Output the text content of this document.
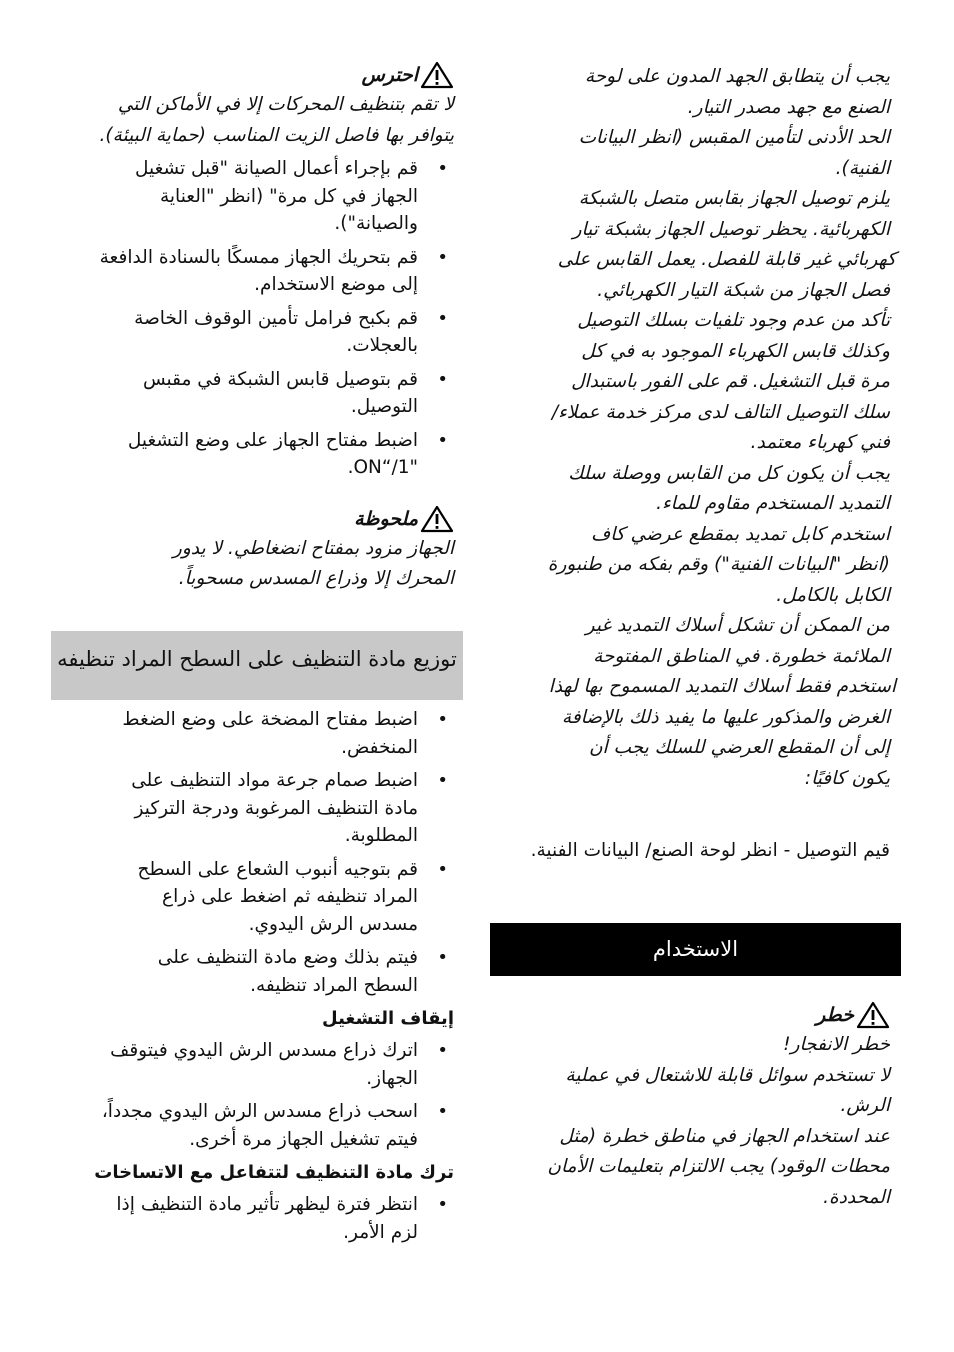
يجب أن يتطابق الجهد المدون على لوحة

الصنع مع جهد مصدر التيار.

الحد الأدنى لتأمين المقبس (انظر البيانات

الفنية).

يلزم توصيل الجهاز بقابس متصل بالشبكة

الكهربائية. يحظر توصيل الجهاز بشبكة تيار

كهربائي غير قابلة للفصل. يعمل القابس على

فصل الجهاز من شبكة التيار الكهربائي.

تأكد من عدم وجود تلفيات بسلك التوصيل

وكذلك قابس الكهرباء الموجود به في كل

مرة قبل التشغيل. قم على الفور باستبدال

سلك التوصيل التالف لدى مركز خدمة عملاء/

فني كهرباء معتمد.

يجب أن يكون كل من القابس ووصلة سلك

التمديد المستخدم مقاوم للماء.

استخدم كابل تمديد بمقطع عرضي كاف

(انظر "البيانات الفنية") وقم بفكه من طنبورة

الكابل بالكامل.

من الممكن أن تشكل أسلاك التمديد غير

الملائمة خطورة. في المناطق المفتوحة

استخدم فقط أسلاك التمديد المسموح بها لهذا

الغرض والمذكور عليها ما يفيد ذلك بالإضافة

إلى أن المقطع العرضي للسلك يجب أن

يكون كافيًا:

قيم التوصيل - انظر لوحة الصنع/ البيانات الفنية.

الاستخدام

خطر

خطر الانفجار!

لا تستخدم سوائل قابلة للاشتعال في عملية

الرش.

عند استخدام الجهاز في مناطق خطرة (مثل

محطات الوقود) يجب الالتزام بتعليمات الأمان

المحددة.

احترس

لا تقم بتنظيف المحركات إلا في الأماكن التي

يتوافر بها فاصل الزيت المناسب (حماية البيئة).

• قم بإجراء أعمال الصيانة "قبل تشغيل الجهاز في كل مرة" (انظر "العناية والصيانة").
• قم بتحريك الجهاز ممسكًا بالسنادة الدافعة إلى موضع الاستخدام.
• قم بكبح فرامل تأمين الوقوف الخاصة بالعجلات.
• قم بتوصيل قابس الشبكة في مقبس التوصيل.
• اضبط مفتاح الجهاز على وضع التشغيل "ON“/1.

ملحوظة

الجهاز مزود بمفتاح انضغاطي. لا يدور

المحرك إلا وذراع المسدس مسحوباً.

توزيع مادة التنظيف على السطح المراد تنظيفه
• اضبط مفتاح المضخة على وضع الضغط المنخفض.
• اضبط صمام جرعة مواد التنظيف على مادة التنظيف المرغوبة ودرجة التركيز المطلوبة.
• قم بتوجيه أنبوب الشعاع على السطح المراد تنظيفه ثم اضغط على ذراع مسدس الرش اليدوي.
• فيتم بذلك وضع مادة التنظيف على السطح المراد تنظيفه.

إيقاف التشغيل

• اترك ذراع مسدس الرش اليدوي فيتوقف الجهاز.
• اسحب ذراع مسدس الرش اليدوي مجدداً، فيتم تشغيل الجهاز مرة أخرى.

ترك مادة التنظيف لتتفاعل مع الاتساخات

• انتظر فترة ليظهر تأثير مادة التنظيف إذا لزم الأمر.
